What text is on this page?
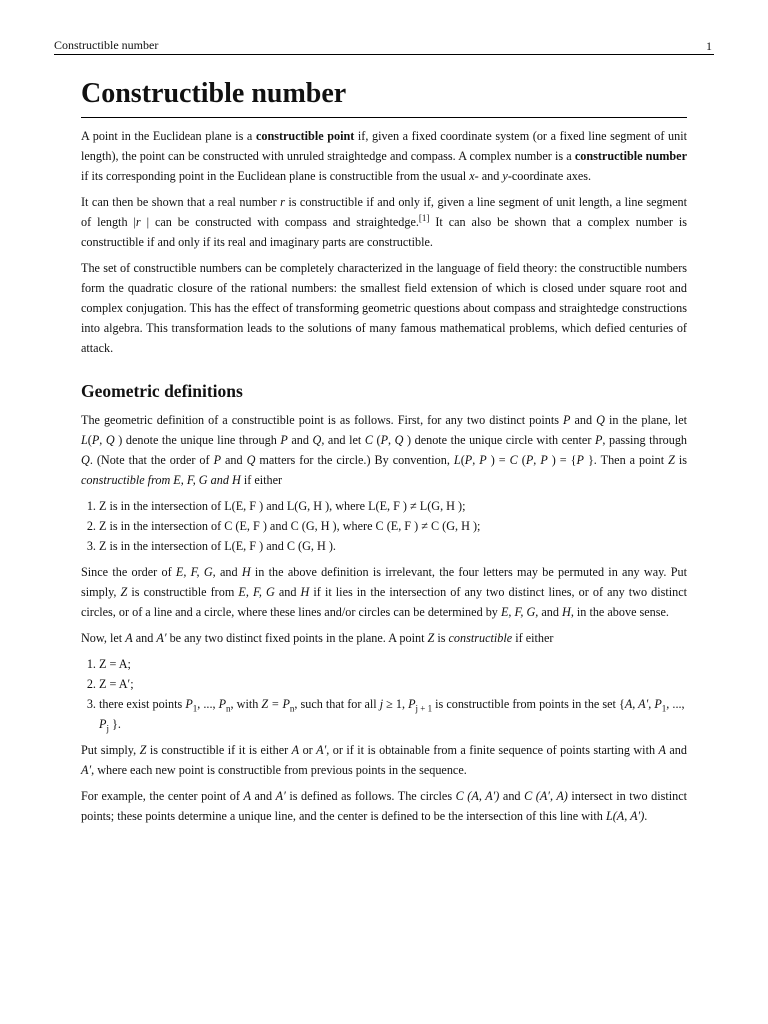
Constructible number	1
Constructible number

A point in the Euclidean plane is a constructible point if, given a fixed coordinate system (or a fixed line segment of unit length), the point can be constructed with unruled straightedge and compass. A complex number is a constructible number if its corresponding point in the Euclidean plane is constructible from the usual x- and y-coordinate axes.

It can then be shown that a real number r is constructible if and only if, given a line segment of unit length, a line segment of length |r | can be constructed with compass and straightedge.[1] It can also be shown that a complex number is constructible if and only if its real and imaginary parts are constructible.

The set of constructible numbers can be completely characterized in the language of field theory: the constructible numbers form the quadratic closure of the rational numbers: the smallest field extension of which is closed under square root and complex conjugation. This has the effect of transforming geometric questions about compass and straightedge constructions into algebra. This transformation leads to the solutions of many famous mathematical problems, which defied centuries of attack.

Geometric definitions

The geometric definition of a constructible point is as follows. First, for any two distinct points P and Q in the plane, let L(P, Q ) denote the unique line through P and Q, and let C (P, Q ) denote the unique circle with center P, passing through Q. (Note that the order of P and Q matters for the circle.) By convention, L(P, P ) = C (P, P ) = {P }. Then a point Z is constructible from E, F, G and H if either

1. Z is in the intersection of L(E, F ) and L(G, H ), where L(E, F ) ≠ L(G, H );
2. Z is in the intersection of C (E, F ) and C (G, H ), where C (E, F ) ≠ C (G, H );
3. Z is in the intersection of L(E, F ) and C (G, H ).

Since the order of E, F, G, and H in the above definition is irrelevant, the four letters may be permuted in any way. Put simply, Z is constructible from E, F, G and H if it lies in the intersection of any two distinct lines, or of any two distinct circles, or of a line and a circle, where these lines and/or circles can be determined by E, F, G, and H, in the above sense.

Now, let A and A′ be any two distinct fixed points in the plane. A point Z is constructible if either

1. Z = A;
2. Z = A′;
3. there exist points $P_1$, ..., $P_n$, with $Z = P_n$, such that for all j ≥ 1, $P_{j + 1}$ is constructible from points in the set {A, A′, $P_1$, ..., $P_j$ }.

Put simply, Z is constructible if it is either A or A′, or if it is obtainable from a finite sequence of points starting with A and A′, where each new point is constructible from previous points in the sequence.

For example, the center point of A and A′ is defined as follows. The circles C (A, A′) and C (A′, A) intersect in two distinct points; these points determine a unique line, and the center is defined to be the intersection of this line with L(A, A′).
